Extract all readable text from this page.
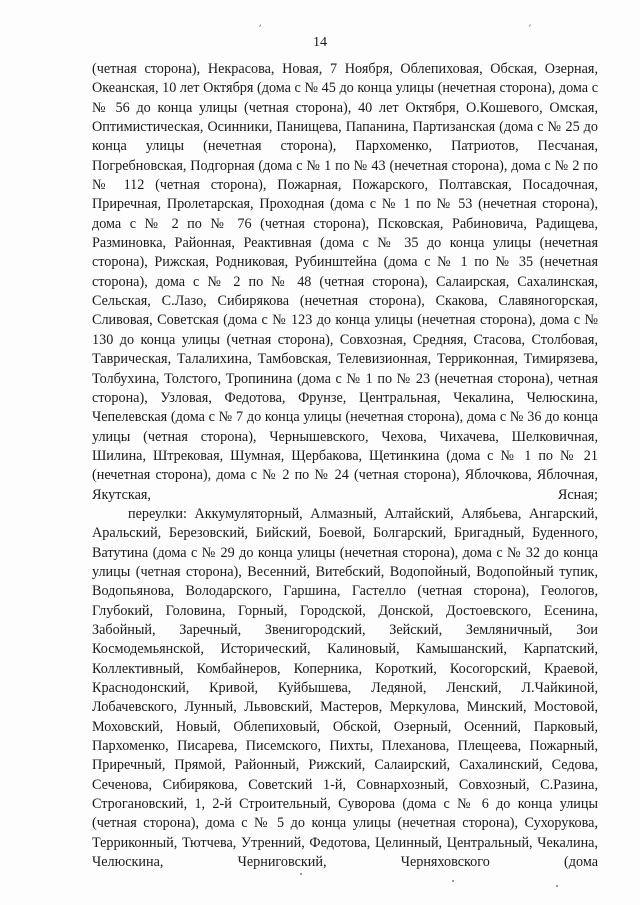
ʹ	ʹ
14

(четная сторона), Некрасова, Новая, 7 Ноября, Облепиховая, Обская, Озерная, Океанская, 10 лет Октября (дома с № 45 до конца улицы (нечетная сторона), дома с № 56 до конца улицы (четная сторона), 40 лет Октября, О.Кошевого, Омская, Оптимистическая, Осинники, Панищева, Папанина, Партизанская (дома с № 25 до конца улицы (нечетная сторона), Пархоменко, Патриотов, Песчаная, Погребновская, Подгорная (дома с № 1 по № 43 (нечетная сторона), дома с № 2 по № 112 (четная сторона), Пожарная, Пожарского, Полтавская, Посадочная, Приречная, Пролетарская, Проходная (дома с № 1 по № 53 (нечетная сторона), дома с № 2 по № 76 (четная сторона), Псковская, Рабиновича, Радищева, Разминовка, Районная, Реактивная (дома с № 35 до конца улицы (нечетная сторона), Рижская, Родниковая, Рубинштейна (дома с № 1 по № 35 (нечетная сторона), дома с № 2 по № 48 (четная сторона), Салаирская, Сахалинская, Сельская, С.Лазо, Сибирякова (нечетная сторона), Скакова, Славяногорская, Сливовая, Советская (дома с № 123 до конца улицы (нечетная сторона), дома с № 130 до конца улицы (четная сторона), Совхозная, Средняя, Стасова, Столбовая, Таврическая, Талалихина, Тамбовская, Телевизионная, Терриконная, Тимирязева, Толбухина, Толстого, Тропинина (дома с № 1 по № 23 (нечетная сторона), четная сторона), Узловая, Федотова, Фрунзе, Центральная, Чекалина, Челюскина, Чепелевская (дома с № 7 до конца улицы (нечетная сторона), дома с № 36 до конца улицы (четная сторона), Чернышевского, Чехова, Чихачева, Шелковичная, Шилина, Штрековая, Шумная, Щербакова, Щетинкина (дома с № 1 по № 21 (нечетная сторона), дома с № 2 по № 24 (четная сторона), Яблочкова, Яблочная, Якутская, Ясная;

переулки: Аккумуляторный, Алмазный, Алтайский, Алябьева, Ангарский, Аральский, Березовский, Бийский, Боевой, Болгарский, Бригадный, Буденного, Ватутина (дома с № 29 до конца улицы (нечетная сторона), дома с № 32 до конца улицы (четная сторона), Весенний, Витебский, Водопойный, Водопойный тупик, Водопьянова, Володарского, Гаршина, Гастелло (четная сторона), Геологов, Глубокий, Головина, Горный, Городской, Донской, Достоевского, Есенина, Забойный, Заречный, Звенигородский, Зейский, Земляничный, Зои Космодемьянской, Исторический, Калиновый, Камышанский, Карпатский, Коллективный, Комбайнеров, Коперника, Короткий, Косогорский, Краевой, Краснодонский, Кривой, Куйбышева, Ледяной, Ленский, Л.Чайкиной, Лобачевского, Лунный, Львовский, Мастеров, Меркулова, Минский, Мостовой, Моховский, Новый, Облепиховый, Обской, Озерный, Осенний, Парковый, Пархоменко, Писарева, Писемского, Пихты, Плеханова, Плещеева, Пожарный, Приречный, Прямой, Районный, Рижский, Салаирский, Сахалинский, Седова, Сеченова, Сибирякова, Советский 1-й, Совнархозный, Совхозный, С.Разина, Строгановский, 1, 2-й Строительный, Суворова (дома с № 6 до конца улицы (четная сторона), дома с № 5 до конца улицы (нечетная сторона), Сухорукова, Терриконный, Тютчева, Утренний, Федотова, Целинный, Центральный, Чекалина, Челюскина, Черниговский, Черняховского (дома
